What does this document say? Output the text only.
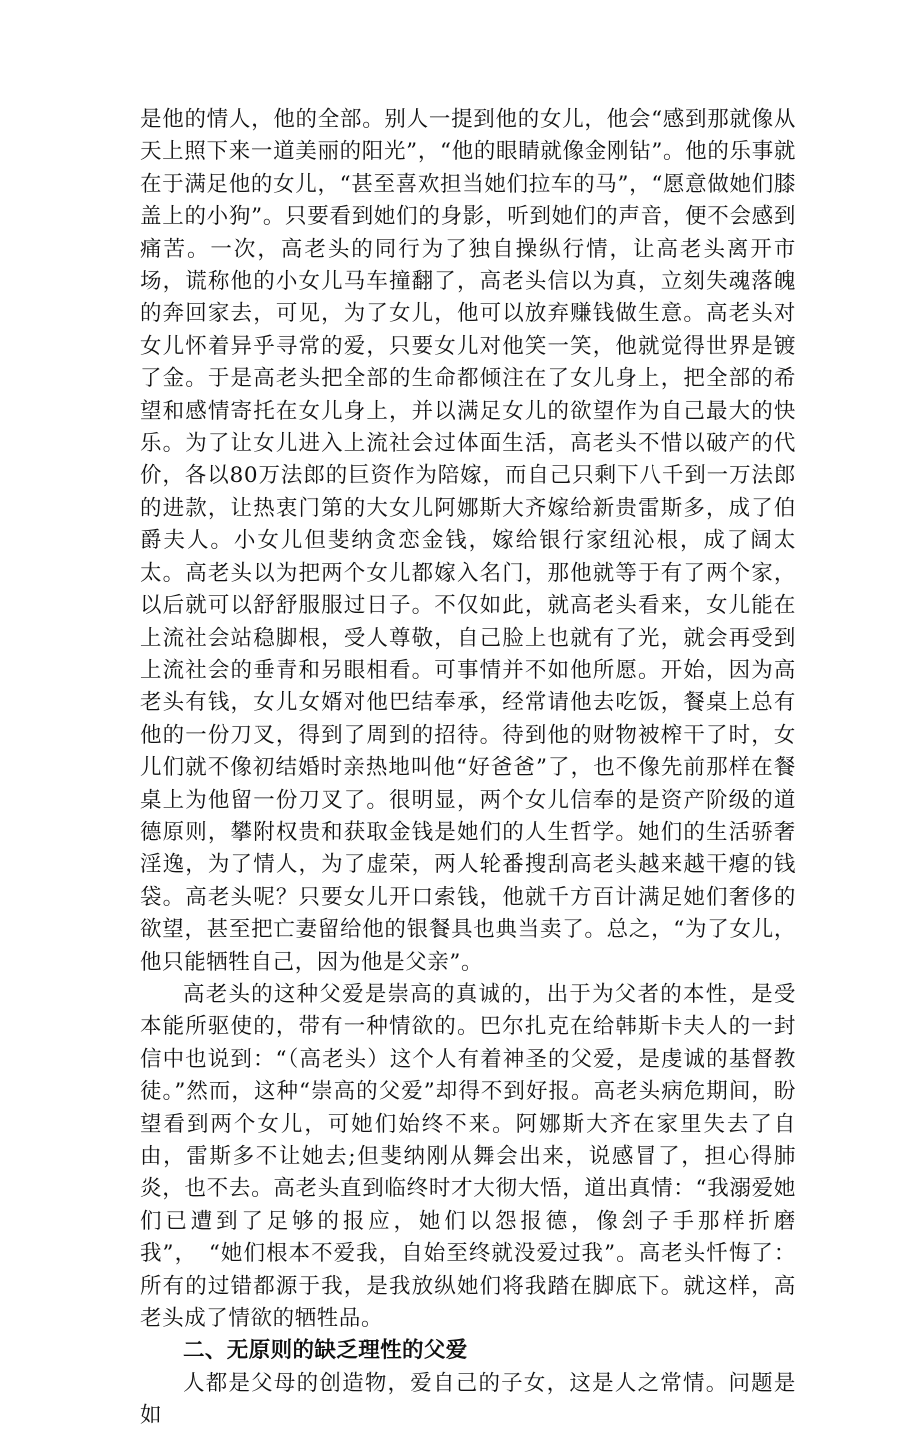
是他的情人，他的全部。别人一提到他的女儿，他会“感到那就像从天上照下来一道美丽的阳光”，“他的眼睛就像金刚钻”。他的乐事就在于满足他的女儿，“甚至喜欢担当她们拉车的马”，“愿意做她们膝盖上的小狗”。只要看到她们的身影，听到她们的声音，便不会感到痛苦。一次，高老头的同行为了独自操纵行情，让高老头离开市场，谎称他的小女儿马车撞翻了，高老头信以为真，立刻失魂落魄的奔回家去，可见，为了女儿，他可以放弃赚钱做生意。高老头对女儿怀着异乎寻常的爱，只要女儿对他笑一笑，他就觉得世界是镀了金。于是高老头把全部的生命都倾注在了女儿身上，把全部的希望和感情寄托在女儿身上，并以满足女儿的欲望作为自己最大的快乐。为了让女儿进入上流社会过体面生活，高老头不惜以破产的代价，各以80万法郎的巨资作为陪嫁，而自己只剩下八千到一万法郎的进款，让热衷门第的大女儿阿娜斯大齐嫁给新贵雷斯多，成了伯爵夫人。小女儿但斐纳贪恋金钱，嫁给银行家纽沁根，成了阔太太。高老头以为把两个女儿都嫁入名门，那他就等于有了两个家，以后就可以舒舒服服过日子。不仅如此，就高老头看来，女儿能在上流社会站稳脚根，受人尊敬，自己脸上也就有了光，就会再受到上流社会的垂青和另眼相看。可事情并不如他所愿。开始，因为高老头有钱，女儿女婿对他巴结奉承，经常请他去吃饭，餐桌上总有他的一份刀叉，得到了周到的招待。待到他的财物被榨干了时，女儿们就不像初结婚时亲热地叫他“好爸爸”了，也不像先前那样在餐桌上为他留一份刀叉了。很明显，两个女儿信奉的是资产阶级的道德原则，攀附权贵和获取金钱是她们的人生哲学。她们的生活骄奢淫逸，为了情人，为了虚荣，两人轮番搜刮高老头越来越干瘪的钱袋。高老头呢？只要女儿开口索钱，他就千方百计满足她们奢侈的欲望，甚至把亡妻留给他的银餐具也典当卖了。总之，“为了女儿，他只能牺牲自己，因为他是父亲”。

高老头的这种父爱是崇高的真诚的，出于为父者的本性，是受本能所驱使的，带有一种情欲的。巴尔扎克在给韩斯卡夫人的一封信中也说到：“（高老头）这个人有着神圣的父爱，是虔诚的基督教徒。”然而，这种“崇高的父爱”却得不到好报。高老头病危期间，盼望看到两个女儿，可她们始终不来。阿娜斯大齐在家里失去了自由，雷斯多不让她去;但斐纳刚从舞会出来，说感冒了，担心得肺炎，也不去。高老头直到临终时才大彻大悟，道出真情：“我溺爱她们已遭到了足够的报应，她们以怨报德，像刽子手那样折磨我”，　“她们根本不爱我，自始至终就没爱过我”。高老头忏悔了：所有的过错都源于我，是我放纵她们将我踏在脚底下。就这样，高老头成了情欲的牺牲品。

二、无原则的缺乏理性的父爱

人都是父母的创造物，爱自己的子女，这是人之常情。问题是如
